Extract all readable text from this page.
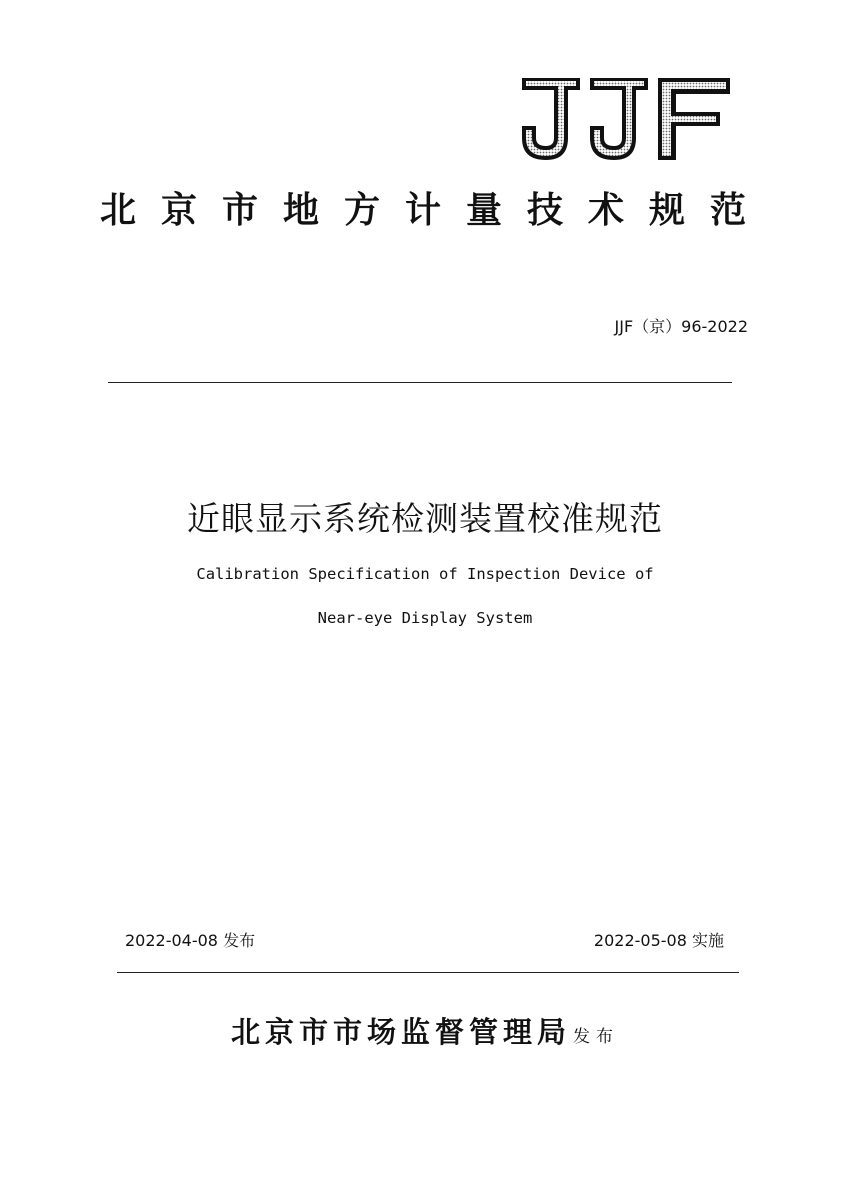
北京市地方计量技术规范
JJF（京）96-2022
近眼显示系统检测装置校准规范
Calibration Specification of Inspection Device of
Near-eye Display System
2022-04-08 发布	2022-05-08 实施
北京市市场监督管理局 发布
